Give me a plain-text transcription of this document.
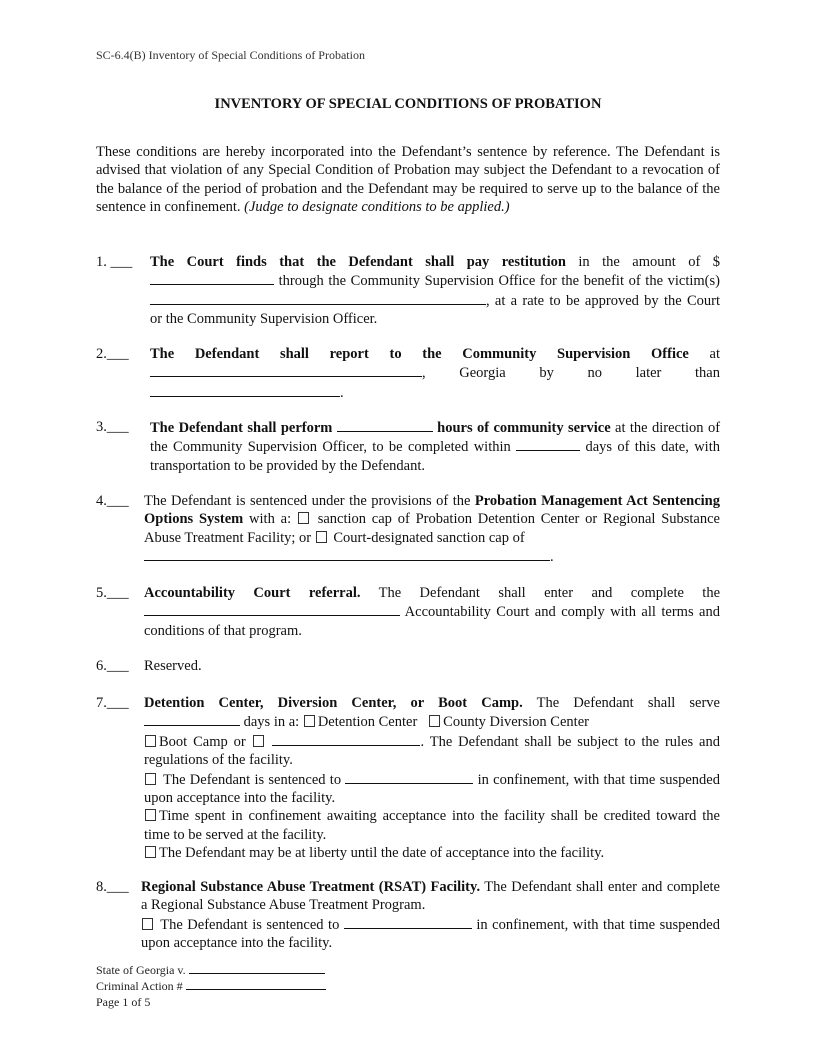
SC-6.4(B) Inventory of Special Conditions of Probation
INVENTORY OF SPECIAL CONDITIONS OF PROBATION
These conditions are hereby incorporated into the Defendant’s sentence by reference. The Defendant is advised that violation of any Special Condition of Probation may subject the Defendant to a revocation of the balance of the period of probation and the Defendant may be required to serve up to the balance of the sentence in confinement. (Judge to designate conditions to be applied.)
1. ___ The Court finds that the Defendant shall pay restitution in the amount of $ through the Community Supervision Office for the benefit of the victim(s) , at a rate to be approved by the Court or the Community Supervision Officer.
2.___ The Defendant shall report to the Community Supervision Office at

, Georgia by no later than

.

3.___ The Defendant shall perform	hours of community service at the direction of the Community Supervision Officer, to be completed within	days of this date, with transportation to be provided by the Defendant.
4.___ The Defendant is sentenced under the provisions of the Probation Management Act Sentencing Options System with a:  sanction cap of Probation Detention Center or Regional Substance Abuse Treatment Facility; or  Court-designated sanction cap of
.
5.___ Accountability Court referral. The Defendant shall enter and complete the  Accountability Court and comply with all terms and conditions of that program.
6.___ Reserved.
7.___ Detention Center, Diversion Center, or Boot Camp. The Defendant shall serve

days in a: Detention Center County Diversion Center

Boot Camp or	. The Defendant shall be subject to the rules and regulations of the facility.

The Defendant is sentenced to	in confinement, with that time suspended upon acceptance into the facility.

Time spent in confinement awaiting acceptance into the facility shall be credited toward the time to be served at the facility.

The Defendant may be at liberty until the date of acceptance into the facility.

8.___ Regional Substance Abuse Treatment (RSAT) Facility. The Defendant shall enter and complete a Regional Substance Abuse Treatment Program.

The Defendant is sentenced to	in confinement, with that time suspended upon acceptance into the facility.

State of Georgia v.
Criminal Action #
Page 1 of 5
